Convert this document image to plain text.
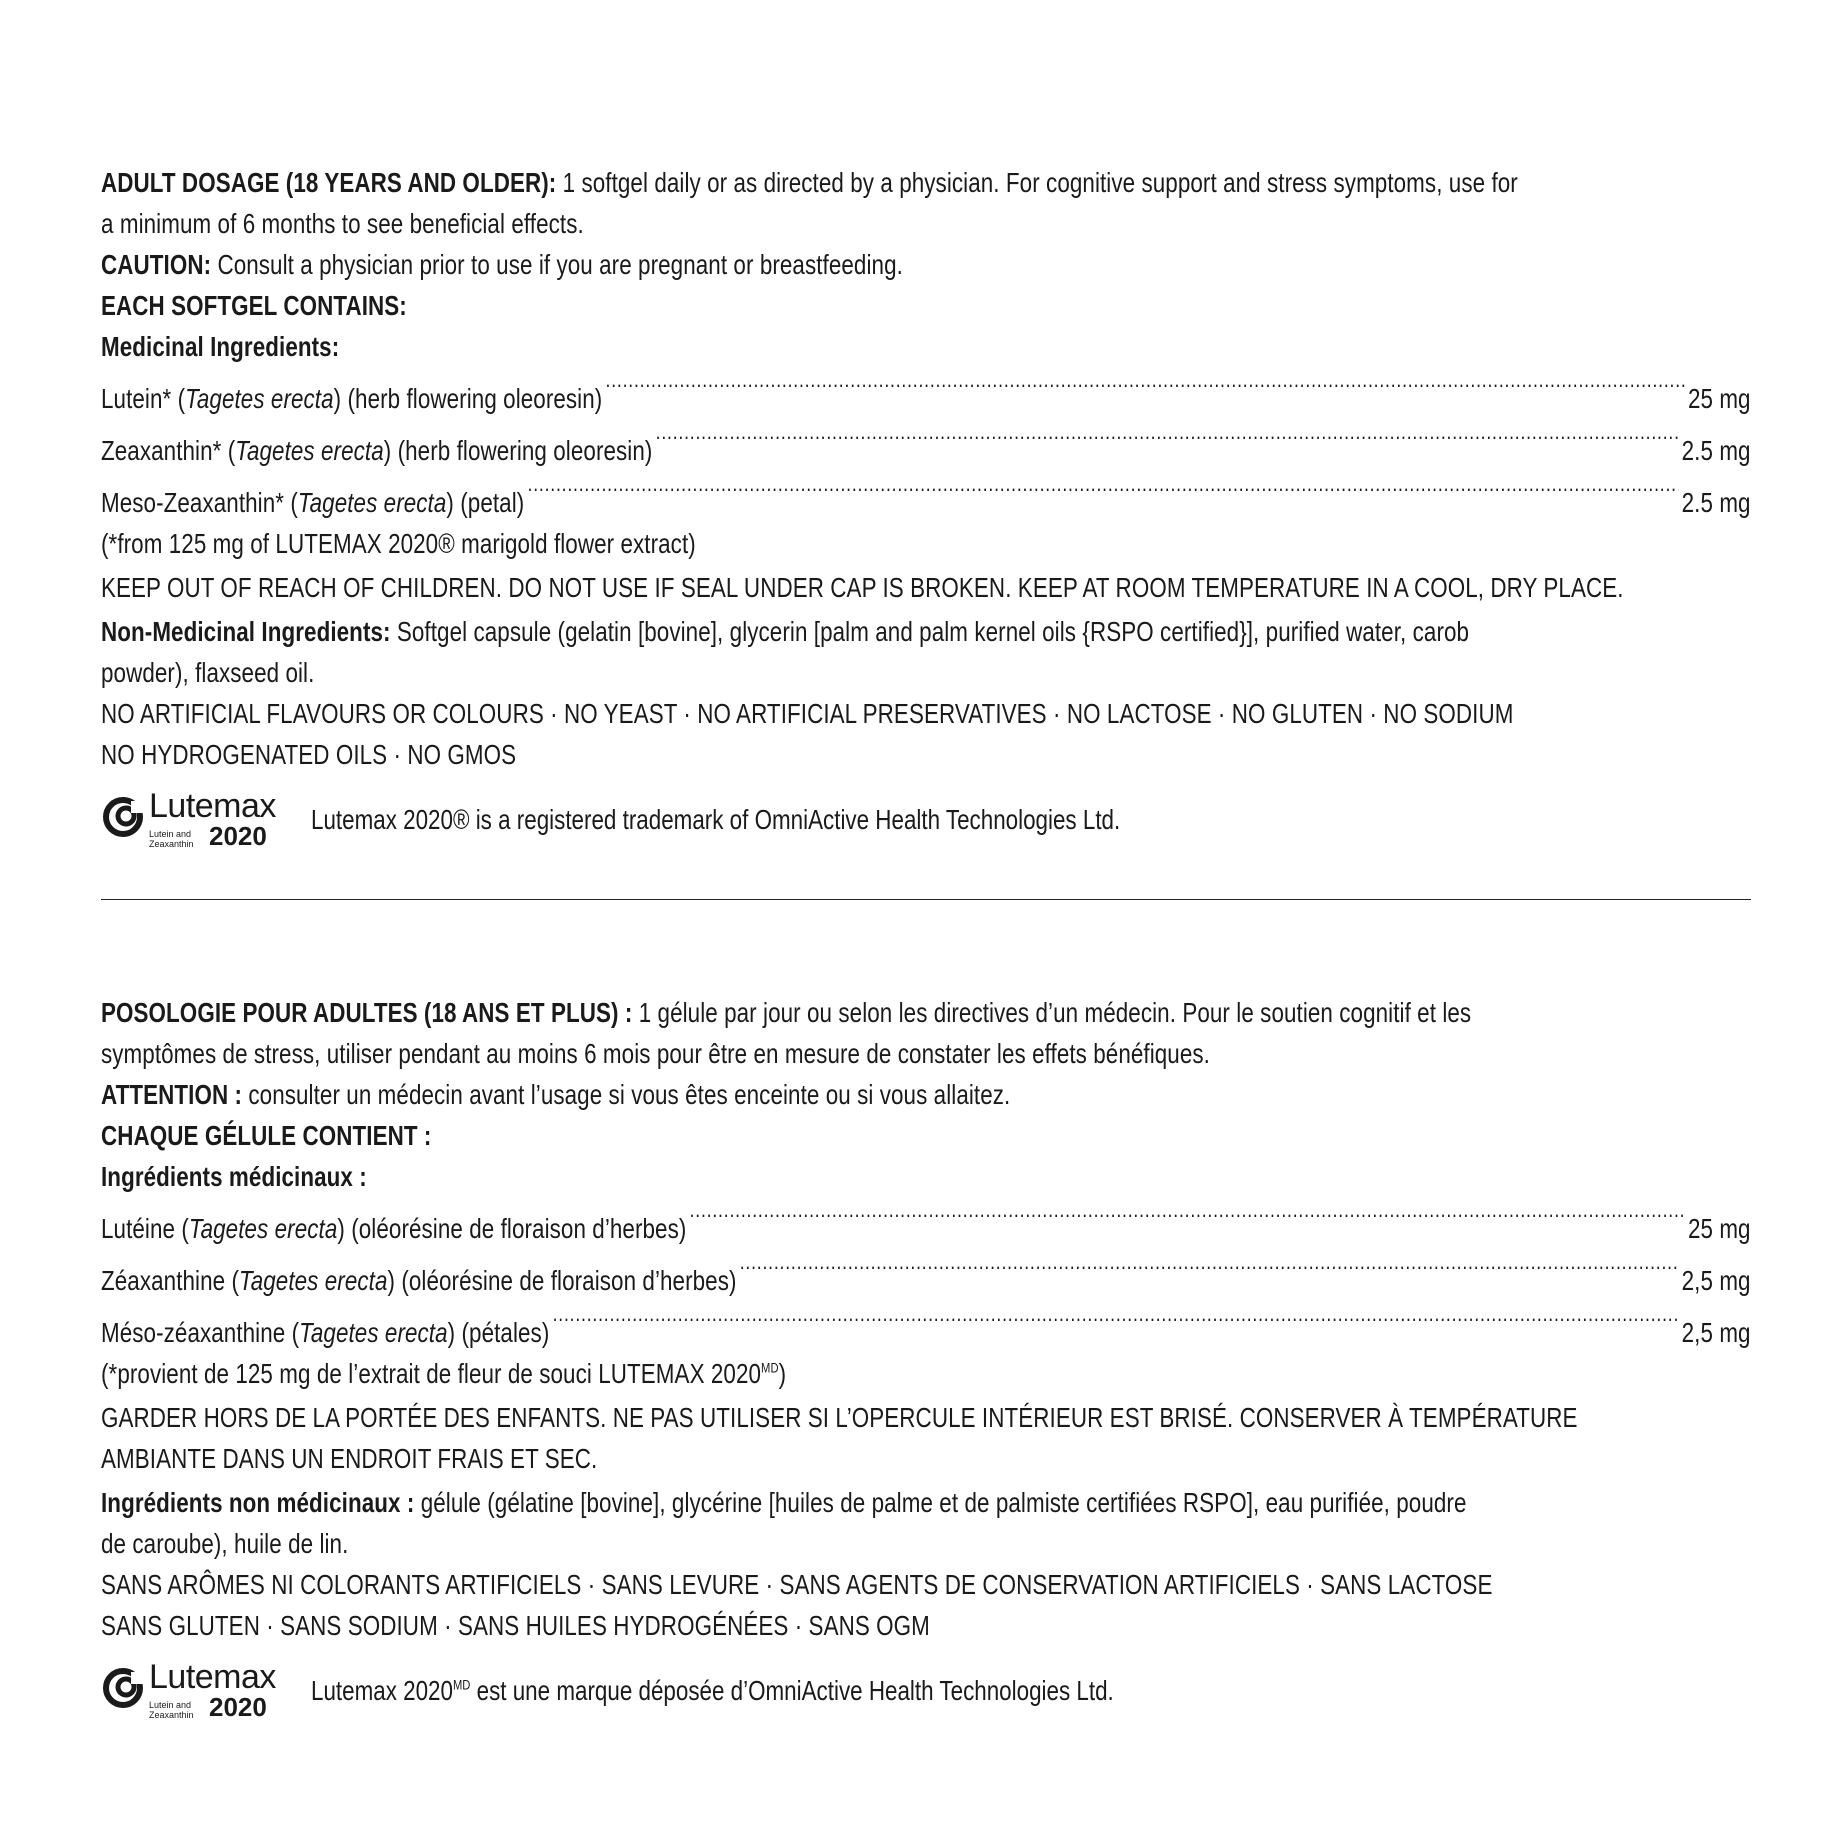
ADULT DOSAGE (18 YEARS AND OLDER): 1 softgel daily or as directed by a physician. For cognitive support and stress symptoms, use for

a minimum of 6 months to see beneficial effects.

CAUTION: Consult a physician prior to use if you are pregnant or breastfeeding.

EACH SOFTGEL CONTAINS:

Medicinal Ingredients:

Lutein* (Tagetes erecta) (herb flowering oleoresin) .....	25 mg
Zeaxanthin* (Tagetes erecta) (herb flowering oleoresin) .....	2.5 mg
Meso-Zeaxanthin* (Tagetes erecta) (petal) .....	2.5 mg

(*from 125 mg of LUTEMAX 2020® marigold flower extract)

KEEP OUT OF REACH OF CHILDREN. DO NOT USE IF SEAL UNDER CAP IS BROKEN. KEEP AT ROOM TEMPERATURE IN A COOL, DRY PLACE.

Non-Medicinal Ingredients: Softgel capsule (gelatin [bovine], glycerin [palm and palm kernel oils {RSPO certified}], purified water, carob

powder), flaxseed oil.

NO ARTIFICIAL FLAVOURS OR COLOURS · NO YEAST · NO ARTIFICIAL PRESERVATIVES · NO LACTOSE · NO GLUTEN · NO SODIUM

NO HYDROGENATED OILS · NO GMOS

Lutemax
Lutein and Zeaxanthin 2020
Lutemax 2020® is a registered trademark of OmniActive Health Technologies Ltd.

POSOLOGIE POUR ADULTES (18 ANS ET PLUS) : 1 gélule par jour ou selon les directives d’un médecin. Pour le soutien cognitif et les

symptômes de stress, utiliser pendant au moins 6 mois pour être en mesure de constater les effets bénéfiques.

ATTENTION : consulter un médecin avant l’usage si vous êtes enceinte ou si vous allaitez.

CHAQUE GÉLULE CONTIENT :

Ingrédients médicinaux :

Lutéine (Tagetes erecta) (oléorésine de floraison d’herbes) .....	25 mg
Zéaxanthine (Tagetes erecta) (oléorésine de floraison d’herbes) .....	2,5 mg
Méso-zéaxanthine (Tagetes erecta) (pétales) .....	2,5 mg

(*provient de 125 mg de l’extrait de fleur de souci LUTEMAX $2020^{MD}$)

GARDER HORS DE LA PORTÉE DES ENFANTS. NE PAS UTILISER SI L’OPERCULE INTÉRIEUR EST BRISÉ. CONSERVER À TEMPÉRATURE

AMBIANTE DANS UN ENDROIT FRAIS ET SEC.

Ingrédients non médicinaux : gélule (gélatine [bovine], glycérine [huiles de palme et de palmiste certifiées RSPO], eau purifiée, poudre

de caroube), huile de lin.

SANS ARÔMES NI COLORANTS ARTIFICIELS · SANS LEVURE · SANS AGENTS DE CONSERVATION ARTIFICIELS · SANS LACTOSE

SANS GLUTEN · SANS SODIUM · SANS HUILES HYDROGÉNÉES · SANS OGM

Lutemax
Lutein and Zeaxanthin 2020
Lutemax $2020^{MD}$ est une marque déposée d’OmniActive Health Technologies Ltd.
